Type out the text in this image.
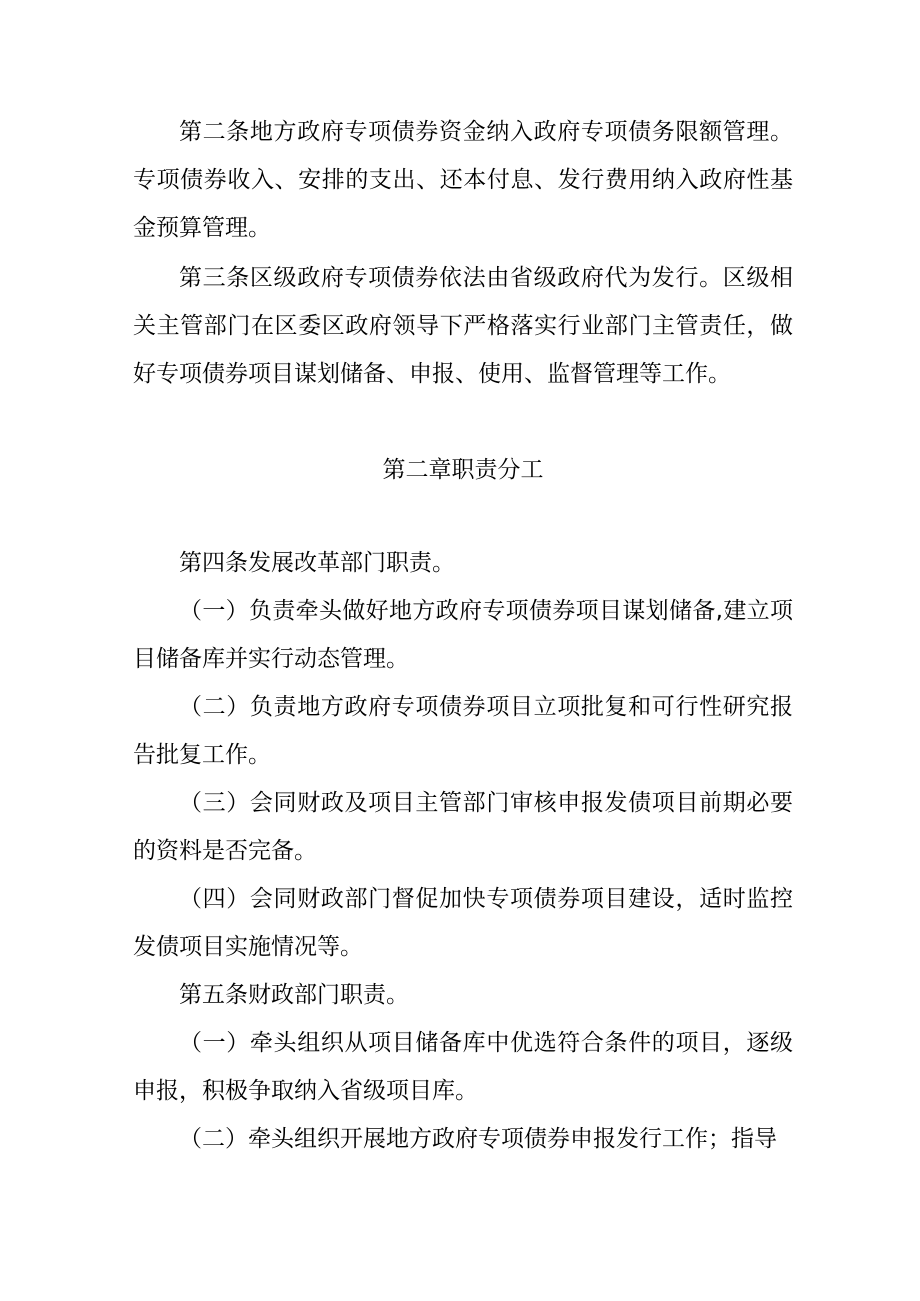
第二条地方政府专项债券资金纳入政府专项债务限额管理。专项债券收入、安排的支出、还本付息、发行费用纳入政府性基金预算管理。

第三条区级政府专项债券依法由省级政府代为发行。区级相关主管部门在区委区政府领导下严格落实行业部门主管责任，做好专项债券项目谋划储备、申报、使用、监督管理等工作。

第二章职责分工

第四条发展改革部门职责。

（一）负责牵头做好地方政府专项债券项目谋划储备,建立项目储备库并实行动态管理。

（二）负责地方政府专项债券项目立项批复和可行性研究报告批复工作。

（三）会同财政及项目主管部门审核申报发债项目前期必要的资料是否完备。

（四）会同财政部门督促加快专项债券项目建设，适时监控发债项目实施情况等。

第五条财政部门职责。

（一）牵头组织从项目储备库中优选符合条件的项目，逐级申报，积极争取纳入省级项目库。

（二）牵头组织开展地方政府专项债券申报发行工作；指导
